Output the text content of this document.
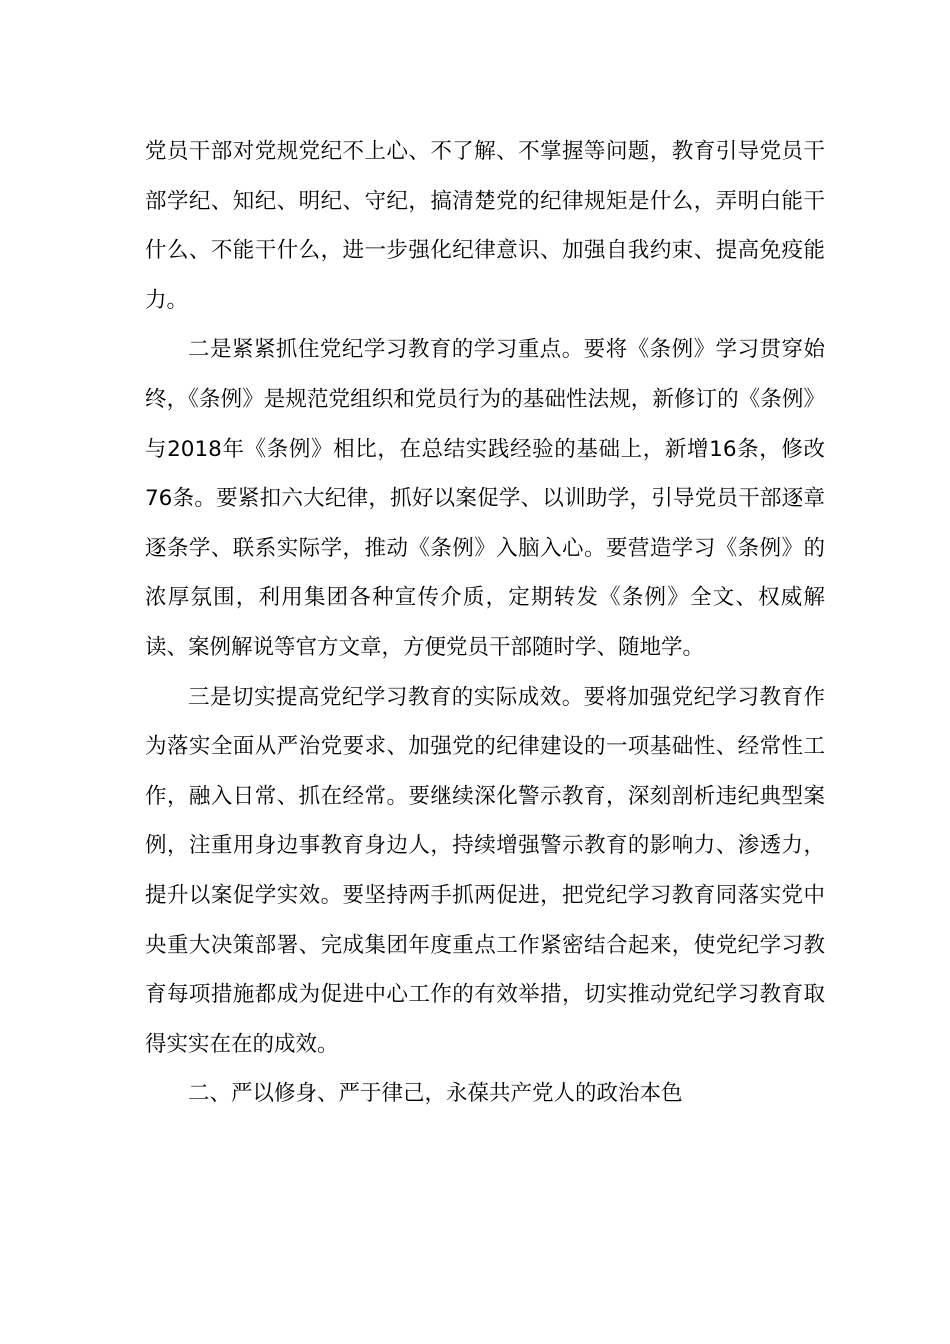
党员干部对党规党纪不上心、不了解、不掌握等问题，教育引导党员干部学纪、知纪、明纪、守纪，搞清楚党的纪律规矩是什么，弄明白能干什么、不能干什么，进一步强化纪律意识、加强自我约束、提高免疫能力。

二是紧紧抓住党纪学习教育的学习重点。要将《条例》学习贯穿始终，《条例》是规范党组织和党员行为的基础性法规，新修订的《条例》与2018年《条例》相比，在总结实践经验的基础上，新增16条，修改76条。要紧扣六大纪律，抓好以案促学、以训助学，引导党员干部逐章逐条学、联系实际学，推动《条例》入脑入心。要营造学习《条例》的浓厚氛围，利用集团各种宣传介质，定期转发《条例》全文、权威解读、案例解说等官方文章，方便党员干部随时学、随地学。

三是切实提高党纪学习教育的实际成效。要将加强党纪学习教育作为落实全面从严治党要求、加强党的纪律建设的一项基础性、经常性工作，融入日常、抓在经常。要继续深化警示教育，深刻剖析违纪典型案例，注重用身边事教育身边人，持续增强警示教育的影响力、渗透力，提升以案促学实效。要坚持两手抓两促进，把党纪学习教育同落实党中央重大决策部署、完成集团年度重点工作紧密结合起来，使党纪学习教育每项措施都成为促进中心工作的有效举措，切实推动党纪学习教育取得实实在在的成效。

二、严以修身、严于律己，永葆共产党人的政治本色
